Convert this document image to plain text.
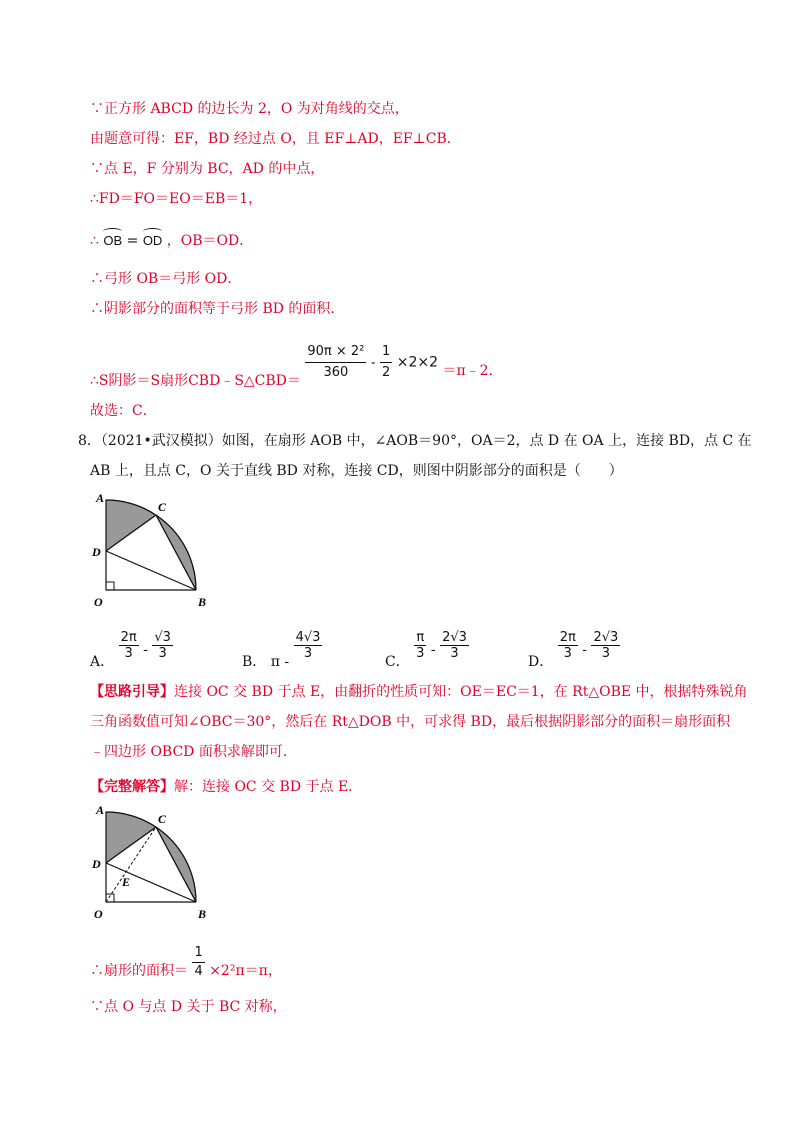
∵正方形 ABCD 的边长为 2，O 为对角线的交点，
由题意可得：EF，BD 经过点 O，且 EF⊥AD，EF⊥CB．
∵点 E，F 分别为 BC，AD 的中点，
∴FD＝FO＝EO＝EB＝1，
∴ OB = OD ，OB＝OD．
∴弓形 OB＝弓形 OD．
∴阴影部分的面积等于弓形 BD 的面积．
∴S阴影＝S扇形CBD﹣S△CBD＝ $\frac{\text{90π × 2²}}{360} - \frac{1}{2} \times 2\times 2$ ＝π﹣2．
故选：C．
8．（2021•武汉模拟）如图，在扇形 AOB 中，∠AOB＝90°，OA＝2，点 D 在 OA 上，连接 BD，点 C 在
AB 上，且点 C，O 关于直线 BD 对称，连接 CD，则图中阴影部分的面积是（　　）
A
C
D
O	B
A．
$\frac{2\pi}{3} - \frac{√3}{3}$
B． π -
$\frac{4√3}{3}$
C．
$\frac{\pi}{3} - \frac{2√3}{3}$
D．
$\frac{2\pi}{3} - \frac{2√3}{3}$
【思路引导】连接 OC 交 BD 于点 E，由翻折的性质可知：OE＝EC＝1，在 Rt△OBE 中，根据特殊锐角
三角函数值可知∠OBC＝30°，然后在 Rt△DOB 中，可求得 BD，最后根据阴影部分的面积＝扇形面积
﹣四边形 OBCD 面积求解即可．
【完整解答】解：连接 OC 交 BD 于点 E．
A
C
D
E
O	B
∴扇形的面积＝ $\frac{1}{4} \times 2^2\pi=\pi$，
∵点 O 与点 D 关于 BC 对称，
